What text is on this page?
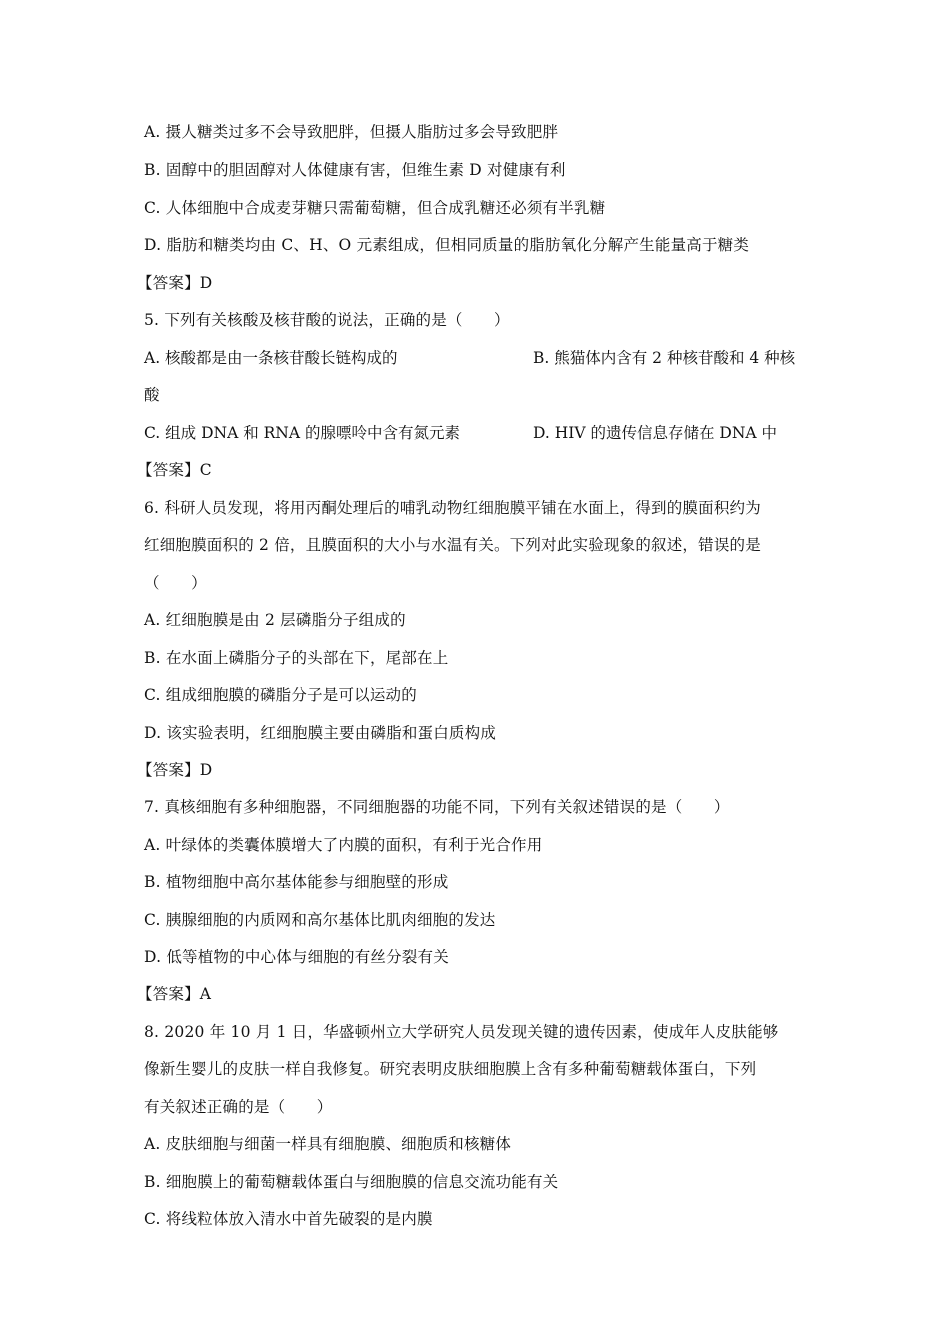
A. 摄人糖类过多不会导致肥胖，但摄人脂肪过多会导致肥胖
B. 固醇中的胆固醇对人体健康有害，但维生素 D 对健康有利
C. 人体细胞中合成麦芽糖只需葡萄糖，但合成乳糖还必须有半乳糖
D. 脂肪和糖类均由 C、H、O 元素组成，但相同质量的脂肪氧化分解产生能量高于糖类
【答案】D
5. 下列有关核酸及核苷酸的说法，正确的是（　　）
A. 核酸都是由一条核苷酸长链构成的	B. 熊猫体内含有 2 种核苷酸和 4 种核
酸
C. 组成 DNA 和 RNA 的腺嘌呤中含有氮元素	D. HIV 的遗传信息存储在 DNA 中
【答案】C
6. 科研人员发现，将用丙酮处理后的哺乳动物红细胞膜平铺在水面上，得到的膜面积约为
红细胞膜面积的 2 倍，且膜面积的大小与水温有关。下列对此实验现象的叙述，错误的是
（　　）
A. 红细胞膜是由 2 层磷脂分子组成的
B. 在水面上磷脂分子的头部在下，尾部在上
C. 组成细胞膜的磷脂分子是可以运动的
D. 该实验表明，红细胞膜主要由磷脂和蛋白质构成
【答案】D
7. 真核细胞有多种细胞器，不同细胞器的功能不同，下列有关叙述错误的是（　　）
A. 叶绿体的类囊体膜增大了内膜的面积，有利于光合作用
B. 植物细胞中高尔基体能参与细胞壁的形成
C. 胰腺细胞的内质网和高尔基体比肌肉细胞的发达
D. 低等植物的中心体与细胞的有丝分裂有关
【答案】A
8. 2020 年 10 月 1 日，华盛顿州立大学研究人员发现关键的遗传因素，使成年人皮肤能够
像新生婴儿的皮肤一样自我修复。研究表明皮肤细胞膜上含有多种葡萄糖载体蛋白，下列
有关叙述正确的是（　　）
A. 皮肤细胞与细菌一样具有细胞膜、细胞质和核糖体
B. 细胞膜上的葡萄糖载体蛋白与细胞膜的信息交流功能有关
C. 将线粒体放入清水中首先破裂的是内膜
